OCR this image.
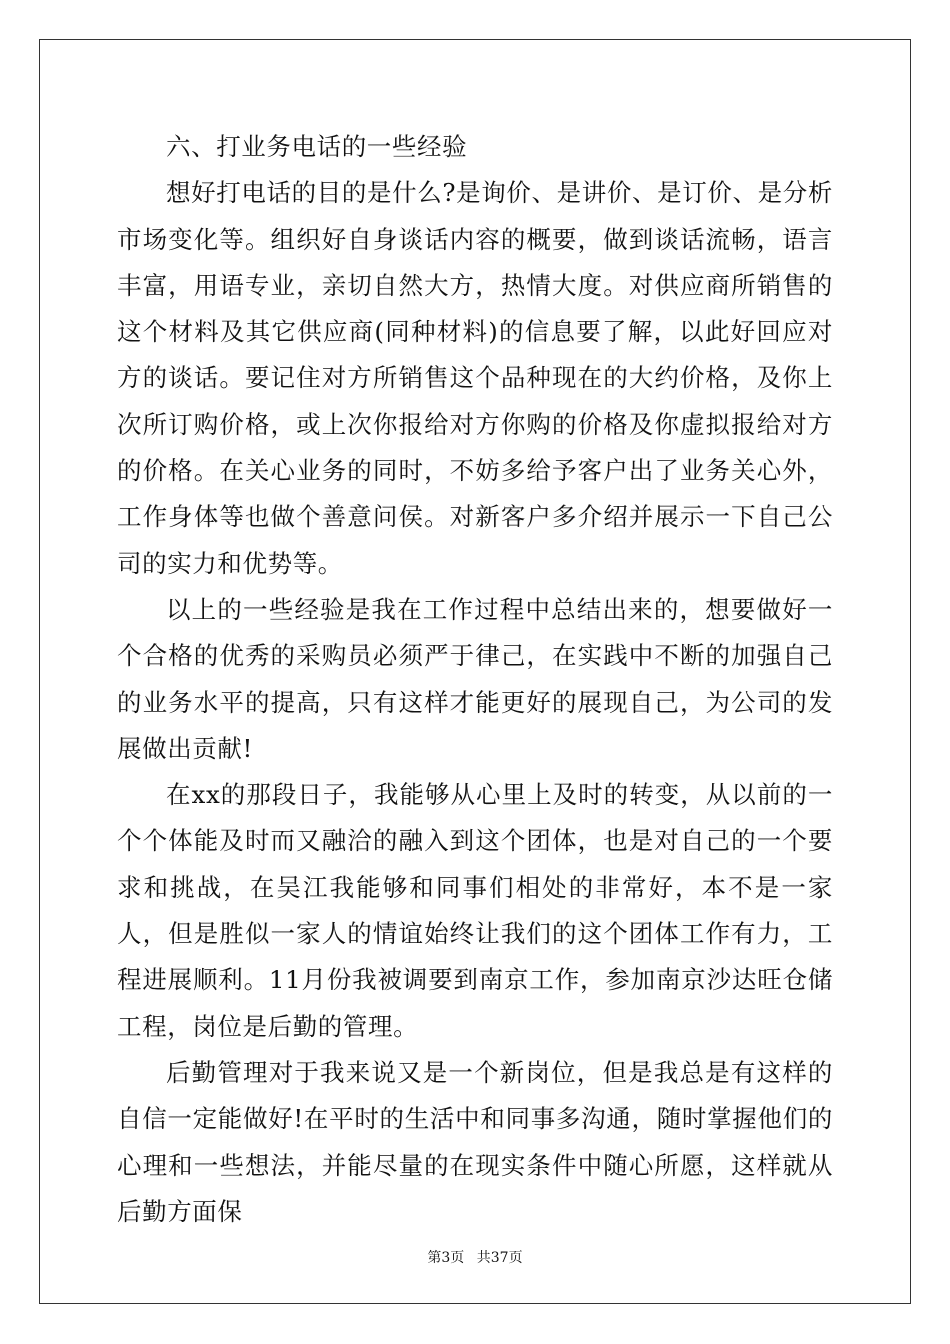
六、打业务电话的一些经验

想好打电话的目的是什么?是询价、是讲价、是订价、是分析市场变化等。组织好自身谈话内容的概要，做到谈话流畅，语言丰富，用语专业，亲切自然大方，热情大度。对供应商所销售的这个材料及其它供应商(同种材料)的信息要了解，以此好回应对方的谈话。要记住对方所销售这个品种现在的大约价格，及你上次所订购价格，或上次你报给对方你购的价格及你虚拟报给对方的价格。在关心业务的同时，不妨多给予客户出了业务关心外，工作身体等也做个善意问侯。对新客户多介绍并展示一下自己公司的实力和优势等。

以上的一些经验是我在工作过程中总结出来的，想要做好一个合格的优秀的采购员必须严于律己，在实践中不断的加强自己的业务水平的提高，只有这样才能更好的展现自己，为公司的发展做出贡献!

在xx的那段日子，我能够从心里上及时的转变，从以前的一个个体能及时而又融洽的融入到这个团体，也是对自己的一个要求和挑战，在吴江我能够和同事们相处的非常好，本不是一家人，但是胜似一家人的情谊始终让我们的这个团体工作有力，工程进展顺利。11月份我被调要到南京工作，参加南京沙达旺仓储工程，岗位是后勤的管理。

后勤管理对于我来说又是一个新岗位，但是我总是有这样的自信一定能做好!在平时的生活中和同事多沟通，随时掌握他们的心理和一些想法，并能尽量的在现实条件中随心所愿，这样就从后勤方面保

第3页 共37页
